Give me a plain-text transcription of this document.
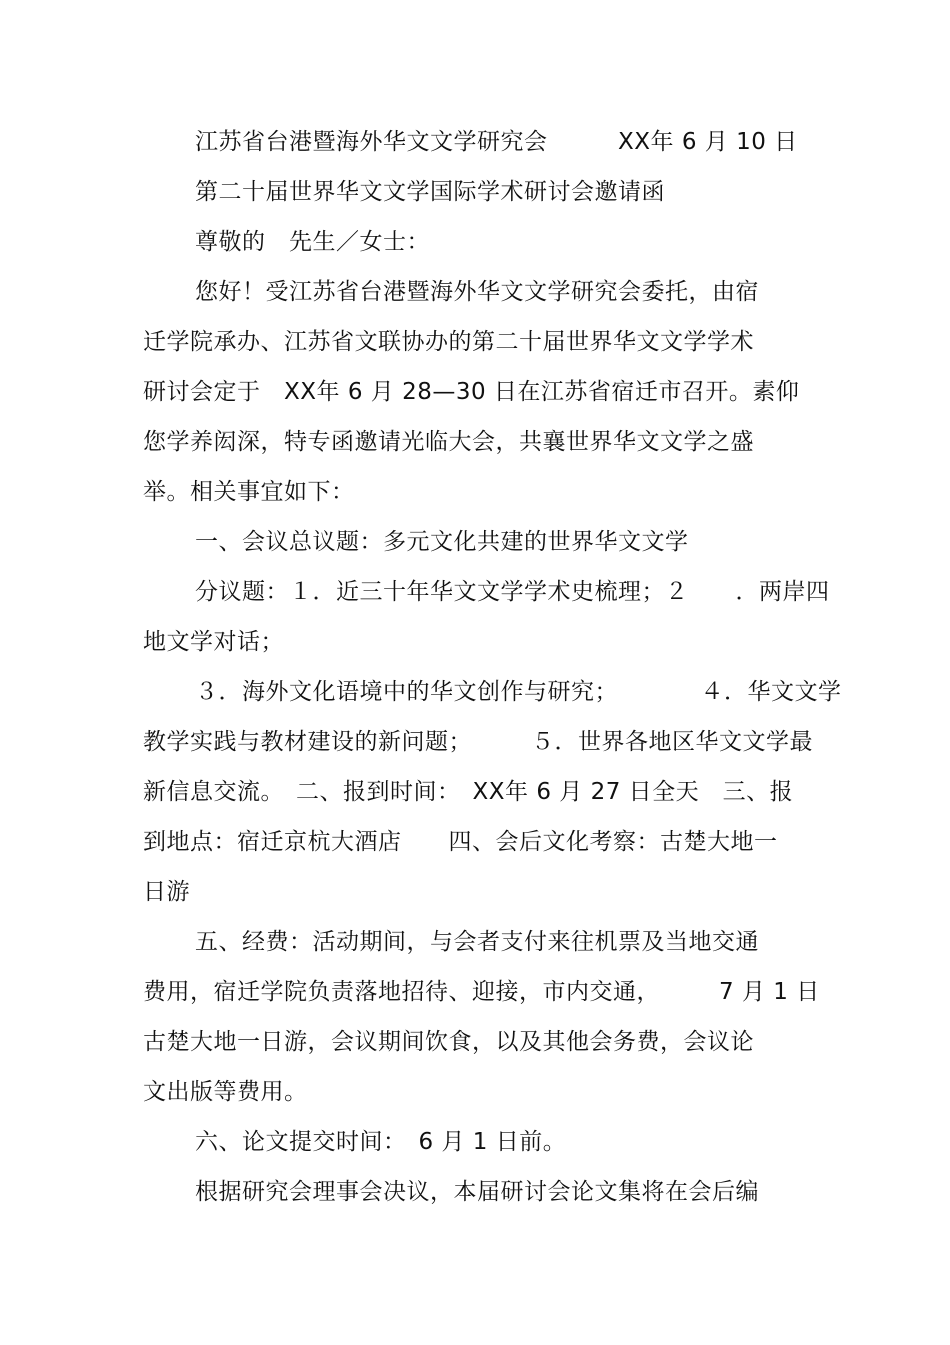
江苏省台港暨海外华文文学研究会　　　XX年 6 月 10 日
第二十届世界华文文学国际学术研讨会邀请函
尊敬的　先生／女士：
您好！受江苏省台港暨海外华文文学研究会委托，由宿
迁学院承办、江苏省文联协办的第二十届世界华文文学学术
研讨会定于　XX年 6 月 28—30 日在江苏省宿迁市召开。素仰
您学养闳深，特专函邀请光临大会，共襄世界华文文学之盛
举。相关事宜如下：
一、会议总议题：多元文化共建的世界华文文学
分议题：１．近三十年华文文学学术史梳理；２　　．两岸四
地文学对话；
３．海外文化语境中的华文创作与研究；　　　　４．华文文学
教学实践与教材建设的新问题；　　　５．世界各地区华文文学最
新信息交流。　二、报到时间：　XX年 6 月 27 日全天　三、报
到地点：宿迁京杭大酒店　　四、会后文化考察：古楚大地一
日游
五、经费：活动期间，与会者支付来往机票及当地交通
费用，宿迁学院负责落地招待、迎接，市内交通，　　　7 月 1 日
古楚大地一日游，会议期间饮食，以及其他会务费，会议论
文出版等费用。
六、论文提交时间：　6 月 1 日前。
根据研究会理事会决议，本届研讨会论文集将在会后编
